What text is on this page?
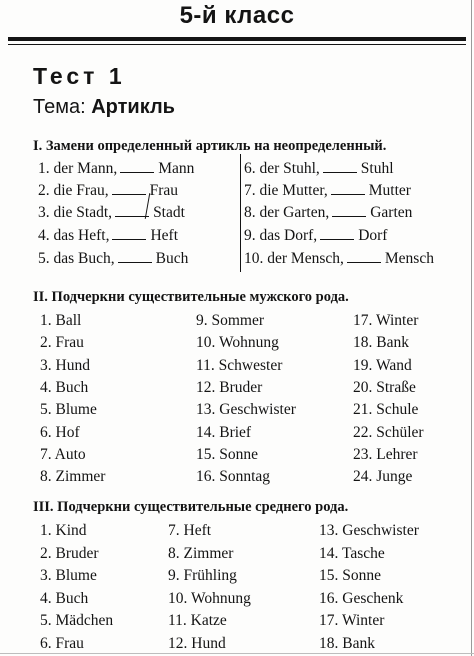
5-й класс
Тест 1
Тема: Артикль
I. Замени определенный артикль на неопределенный.
1. der Mann,	Mann
2. die Frau,	Frau
3. die Stadt,	Stadt
4. das Heft,	Heft
5. das Buch,	Buch
6. der Stuhl,	Stuhl
7. die Mutter,	Mutter
8. der Garten,	Garten
9. das Dorf,	Dorf
10. der Mensch,	Mensch
II. Подчеркни существительные мужского рода.
1. Ball
2. Frau
3. Hund
4. Buch
5. Blume
6. Hof
7. Auto
8. Zimmer
9. Sommer
10. Wohnung
11. Schwester
12. Bruder
13. Geschwister
14. Brief
15. Sonne
16. Sonntag
17. Winter
18. Bank
19. Wand
20. Straße
21. Schule
22. Schüler
23. Lehrer
24. Junge
III. Подчеркни существительные среднего рода.
1. Kind
2. Bruder
3. Blume
4. Buch
5. Mädchen
6. Frau
7. Heft
8. Zimmer
9. Frühling
10. Wohnung
11. Katze
12. Hund
13. Geschwister
14. Tasche
15. Sonne
16. Geschenk
17. Winter
18. Bank
